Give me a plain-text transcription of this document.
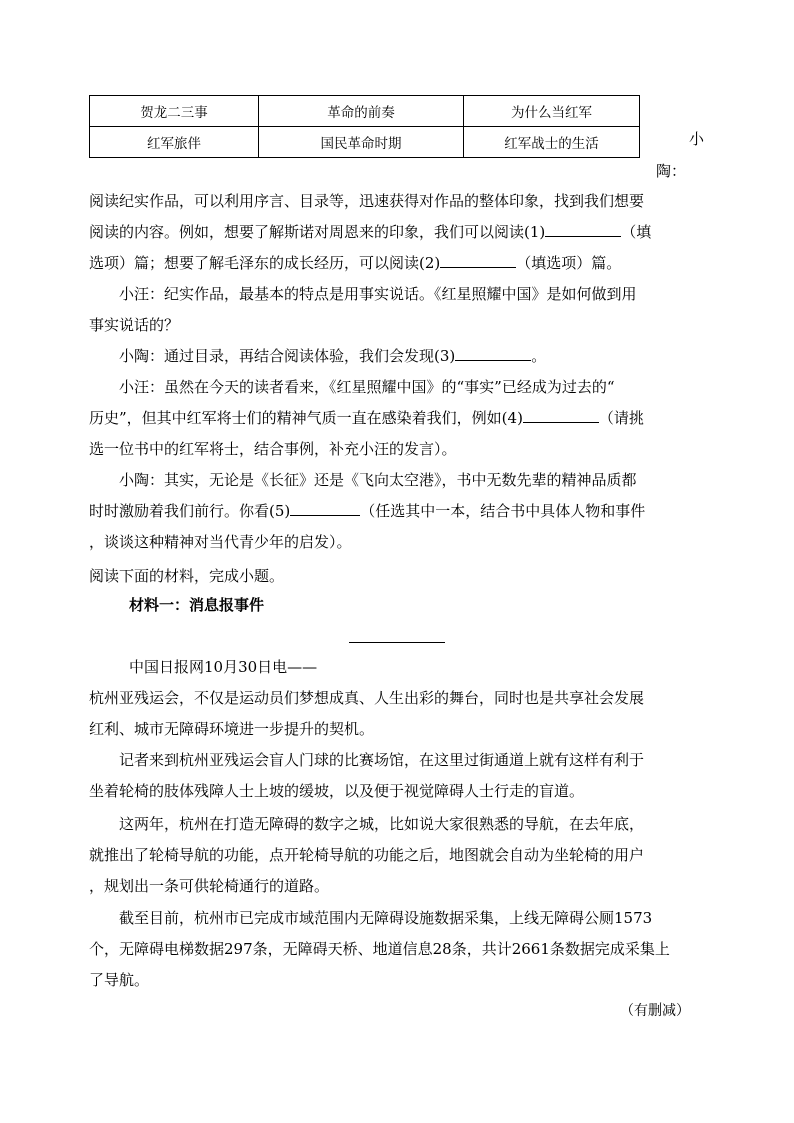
贺龙二三事	革命的前奏	为什么当红军
红军旅伴	国民革命时期	红军战士的生活	小
陶：
阅读纪实作品，可以利用序言、目录等，迅速获得对作品的整体印象，找到我们想要
阅读的内容。例如，想要了解斯诺对周恩来的印象，我们可以阅读(1)	（填
选项）篇；想要了解毛泽东的成长经历，可以阅读(2)	（填选项）篇。
小汪：纪实作品，最基本的特点是用事实说话。《红星照耀中国》是如何做到用
事实说话的？
小陶：通过目录，再结合阅读体验，我们会发现(3)	。
小汪：虽然在今天的读者看来，《红星照耀中国》的“事实”已经成为过去的“
历史”，但其中红军将士们的精神气质一直在感染着我们，例如(4)	（请挑
选一位书中的红军将士，结合事例，补充小汪的发言）。
小陶：其实，无论是《长征》还是《飞向太空港》，书中无数先辈的精神品质都
时时激励着我们前行。你看(5)	（任选其中一本，结合书中具体人物和事件
，谈谈这种精神对当代青少年的启发）。
阅读下面的材料，完成小题。
材料一：消息报事件
中国日报网10月30日电——
杭州亚残运会，不仅是运动员们梦想成真、人生出彩的舞台，同时也是共享社会发展
红利、城市无障碍环境进一步提升的契机。
记者来到杭州亚残运会盲人门球的比赛场馆，在这里过街通道上就有这样有利于
坐着轮椅的肢体残障人士上坡的缓坡，以及便于视觉障碍人士行走的盲道。
这两年，杭州在打造无障碍的数字之城，比如说大家很熟悉的导航，在去年底，
就推出了轮椅导航的功能，点开轮椅导航的功能之后，地图就会自动为坐轮椅的用户
，规划出一条可供轮椅通行的道路。
截至目前，杭州市已完成市域范围内无障碍设施数据采集，上线无障碍公厕1573
个，无障碍电梯数据297条，无障碍天桥、地道信息28条，共计2661条数据完成采集上
了导航。
（有删减）
